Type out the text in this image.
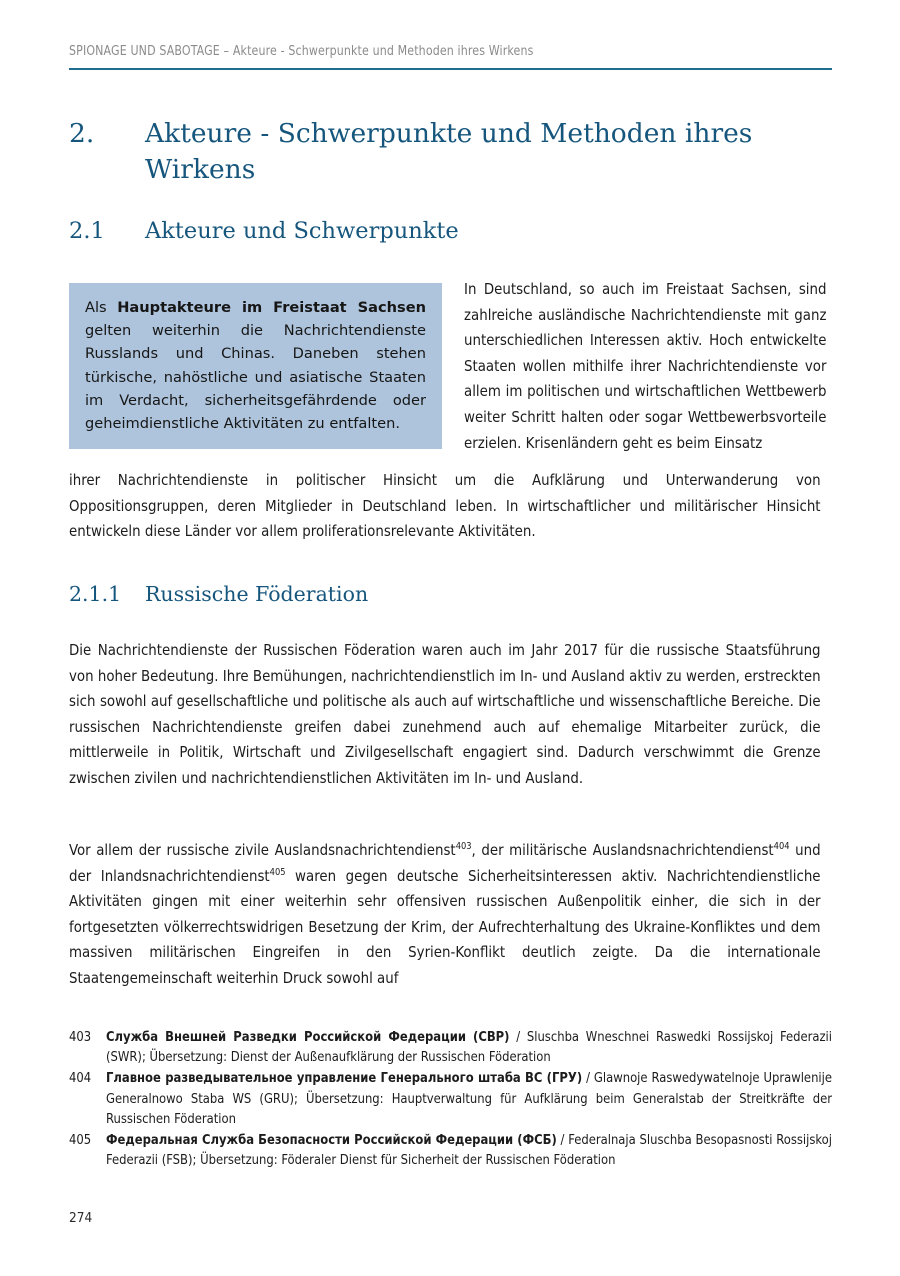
SPIONAGE UND SABOTAGE – Akteure - Schwerpunkte und Methoden ihres Wirkens
2.	Akteure - Schwerpunkte und Methoden ihres Wirkens
2.1	Akteure und Schwerpunkte

Als Hauptakteure im Freistaat Sachsen gelten weiterhin die Nachrichtendienste Russlands und Chinas. Daneben stehen türkische, nahöstliche und asiatische Staaten im Verdacht, sicherheitsgefährdende oder geheimdienstliche Aktivitäten zu entfalten.

In Deutschland, so auch im Freistaat Sachsen, sind zahlreiche ausländische Nachrichtendienste mit ganz unterschiedlichen Interessen aktiv. Hoch entwickelte Staaten wollen mithilfe ihrer Nachrichtendienste vor allem im politischen und wirtschaftlichen Wettbewerb weiter Schritt halten oder sogar Wettbewerbsvorteile erzielen. Krisenländern geht es beim Einsatz

ihrer Nachrichtendienste in politischer Hinsicht um die Aufklärung und Unterwanderung von Oppositionsgruppen, deren Mitglieder in Deutschland leben. In wirtschaftlicher und militärischer Hinsicht entwickeln diese Länder vor allem proliferationsrelevante Aktivitäten.

2.1.1	Russische Föderation

Die Nachrichtendienste der Russischen Föderation waren auch im Jahr 2017 für die russische Staatsführung von hoher Bedeutung. Ihre Bemühungen, nachrichtendienstlich im In- und Ausland aktiv zu werden, erstreckten sich sowohl auf gesellschaftliche und politische als auch auf wirtschaftliche und wissenschaftliche Bereiche. Die russischen Nachrichtendienste greifen dabei zunehmend auch auf ehemalige Mitarbeiter zurück, die mittlerweile in Politik, Wirtschaft und Zivilgesellschaft engagiert sind. Dadurch verschwimmt die Grenze zwischen zivilen und nachrichtendienstlichen Aktivitäten im In- und Ausland.

Vor allem der russische zivile Auslandsnachrichtendienst$^{403}$, der militärische Auslandsnachrichtendienst$^{404}$ und der Inlandsnachrichtendienst$^{405}$ waren gegen deutsche Sicherheitsinteressen aktiv. Nachrichtendienstliche Aktivitäten gingen mit einer weiterhin sehr offensiven russischen Außenpolitik einher, die sich in der fortgesetzten völkerrechtswidrigen Besetzung der Krim, der Aufrechterhaltung des Ukraine-Konfliktes und dem massiven militärischen Eingreifen in den Syrien-Konflikt deutlich zeigte. Da die internationale Staatengemeinschaft weiterhin Druck sowohl auf

403	Служба Внешней Разведки Российской Федерации (СВР) / Sluschba Wneschnei Raswedki Rossijskoj Federazii (SWR); Übersetzung: Dienst der Außenaufklärung der Russischen Föderation

404	Главное разведывательное управление Генерального штаба ВС (ГРУ) / Glawnoje Raswedywatelnoje Uprawlenije Generalnowo Staba WS (GRU); Übersetzung: Hauptverwaltung für Aufklärung beim Generalstab der Streitkräfte der Russischen Föderation

405	Федеральная Служба Безопасности Российской Федерации (ФСБ) / Federalnaja Sluschba Besopasnosti Rossijskoj Federazii (FSB); Übersetzung: Föderaler Dienst für Sicherheit der Russischen Föderation

274
